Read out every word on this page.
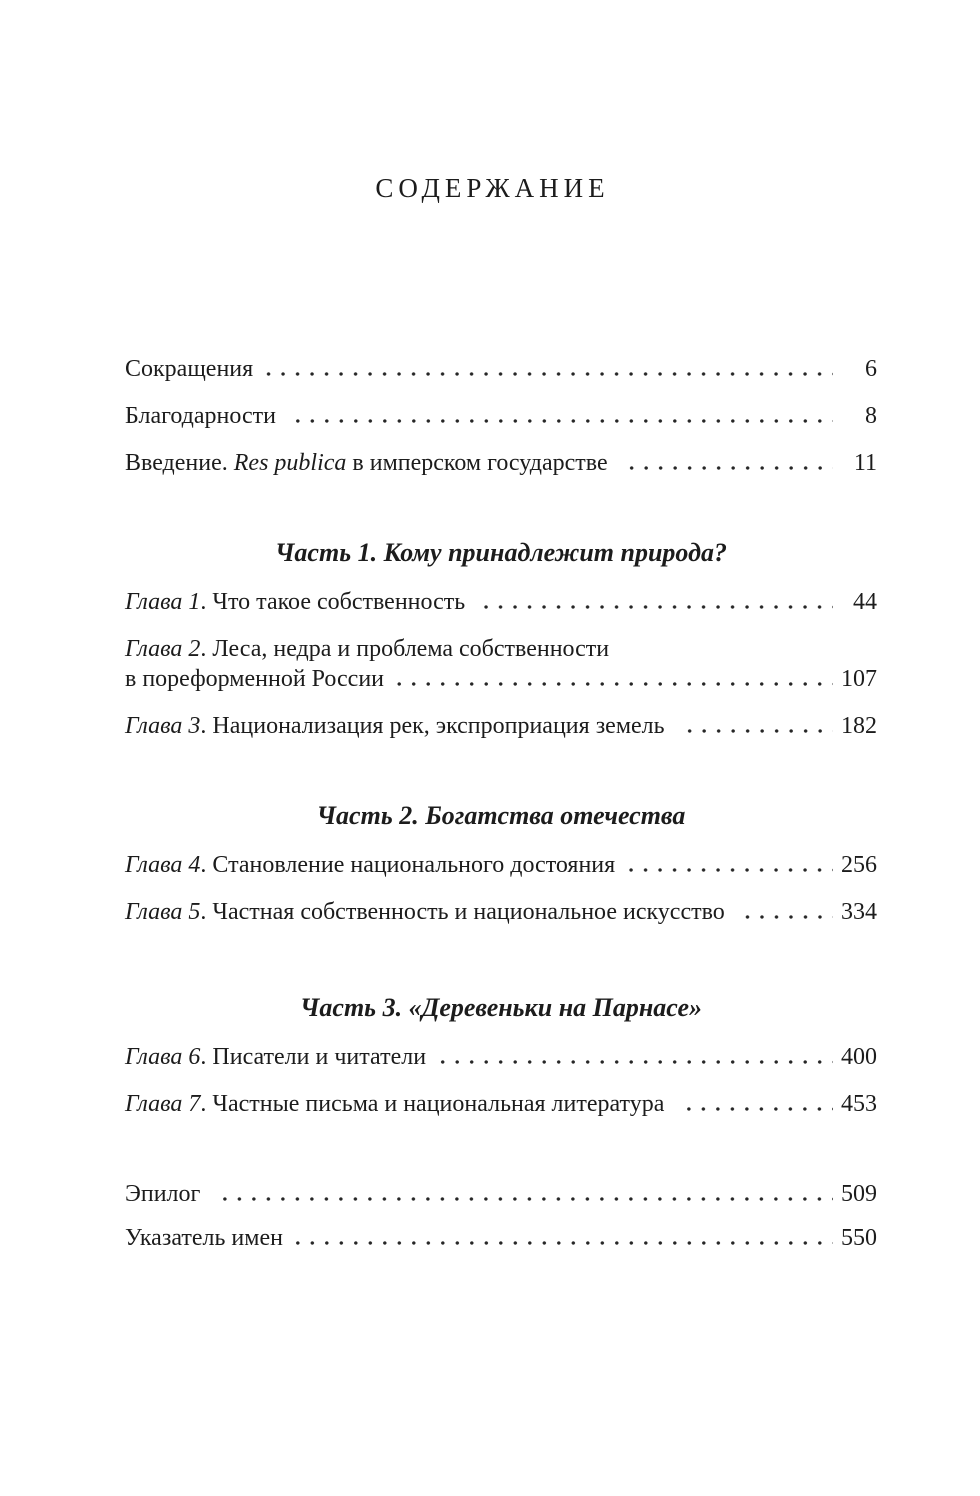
СОДЕРЖАНИЕ
Сокращения	6
Благодарности	8
Введение. Res publica в имперском государстве	11
Часть 1. Кому принадлежит природа?
Глава 1. Что такое собственность	44
Глава 2. Леса, недра и проблема собственности
в пореформенной России	107
Глава 3. Национализация рек, экспроприация земель	182
Часть 2. Богатства отечества
Глава 4. Становление национального достояния	256
Глава 5. Частная собственность и национальное искусство	334
Часть 3. «Деревеньки на Парнасе»
Глава 6. Писатели и читатели	400
Глава 7. Частные письма и национальная литература	453
Эпилог	509
Указатель имен	550
